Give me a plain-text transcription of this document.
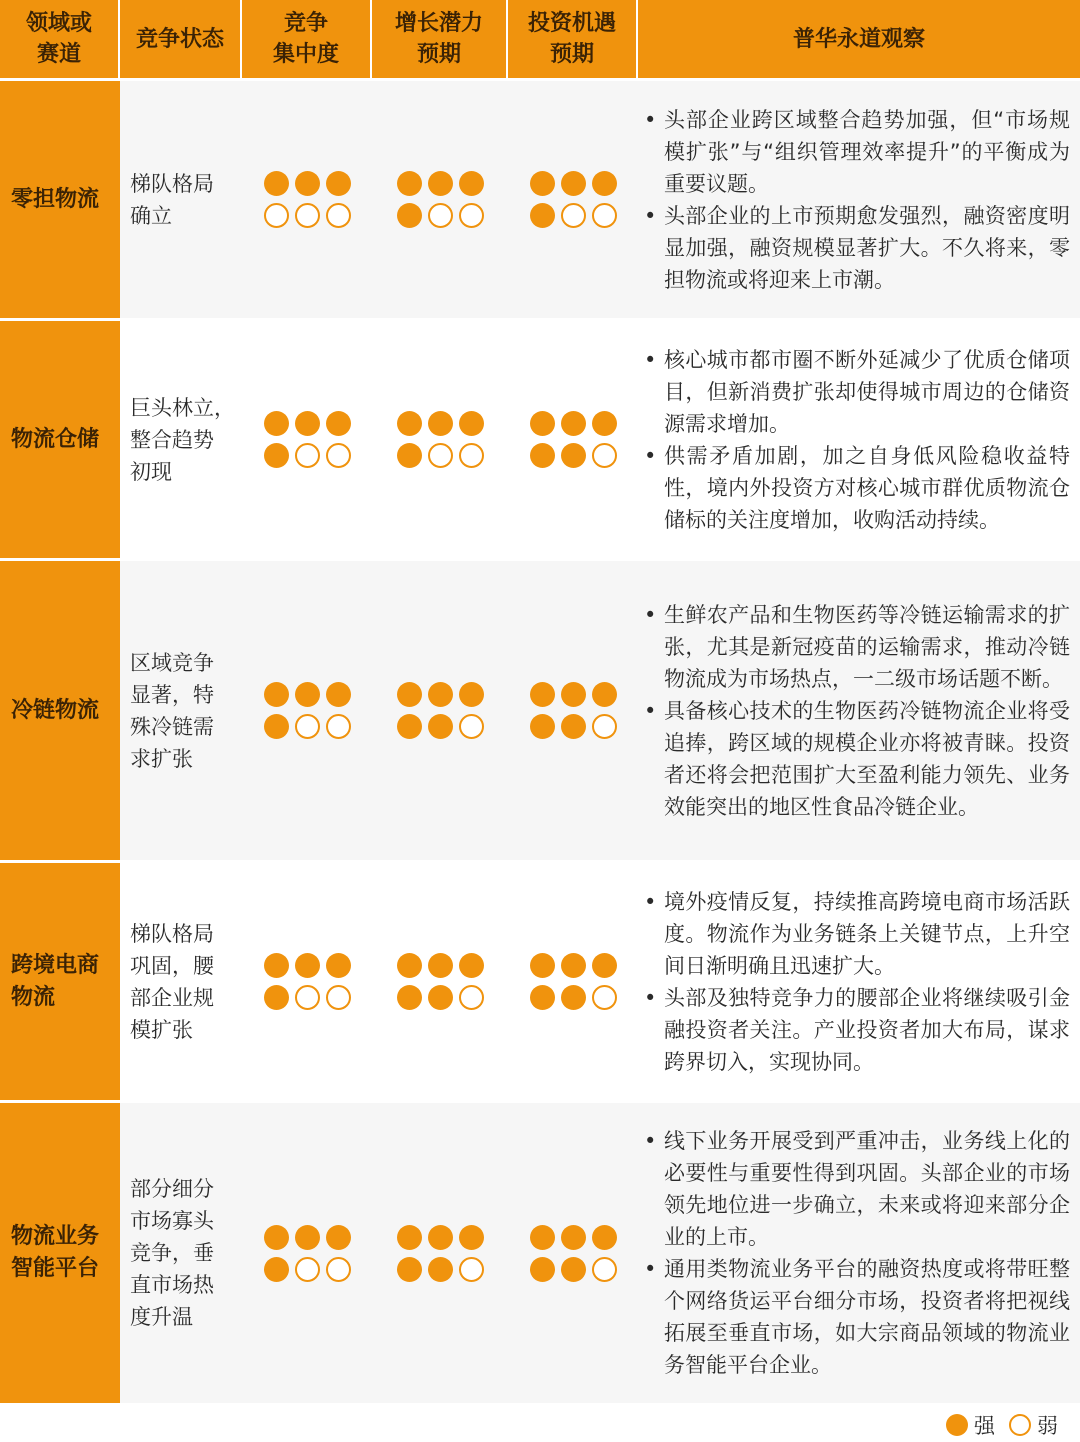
领域或
赛道
竞争状态
竞争
集中度
增长潜力
预期
投资机遇
预期
普华永道观察
零担物流
梯队格局
确立
• 头部企业跨区域整合趋势加强，但“市场规模扩张”与“组织管理效率提升”的平衡成为重要议题。
• 头部企业的上市预期愈发强烈，融资密度明显加强，融资规模显著扩大。不久将来，零担物流或将迎来上市潮。
物流仓储
巨头林立，
整合趋势
初现
• 核心城市都市圈不断外延减少了优质仓储项目，但新消费扩张却使得城市周边的仓储资源需求增加。
• 供需矛盾加剧，加之自身低风险稳收益特性，境内外投资方对核心城市群优质物流仓储标的关注度增加，收购活动持续。
冷链物流
区域竞争
显著，特
殊冷链需
求扩张
• 生鲜农产品和生物医药等冷链运输需求的扩张，尤其是新冠疫苗的运输需求，推动冷链物流成为市场热点，一二级市场话题不断。
• 具备核心技术的生物医药冷链物流企业将受追捧，跨区域的规模企业亦将被青睐。投资者还将会把范围扩大至盈利能力领先、业务效能突出的地区性食品冷链企业。
跨境电商
物流
梯队格局
巩固，腰
部企业规
模扩张
• 境外疫情反复，持续推高跨境电商市场活跃度。物流作为业务链条上关键节点，上升空间日渐明确且迅速扩大。
• 头部及独特竞争力的腰部企业将继续吸引金融投资者关注。产业投资者加大布局，谋求跨界切入，实现协同。
物流业务
智能平台
部分细分
市场寡头
竞争，垂
直市场热
度升温
• 线下业务开展受到严重冲击，业务线上化的必要性与重要性得到巩固。头部企业的市场领先地位进一步确立，未来或将迎来部分企业的上市。
• 通用类物流业务平台的融资热度或将带旺整个网络货运平台细分市场，投资者将把视线拓展至垂直市场，如大宗商品领域的物流业务智能平台企业。
强 弱
